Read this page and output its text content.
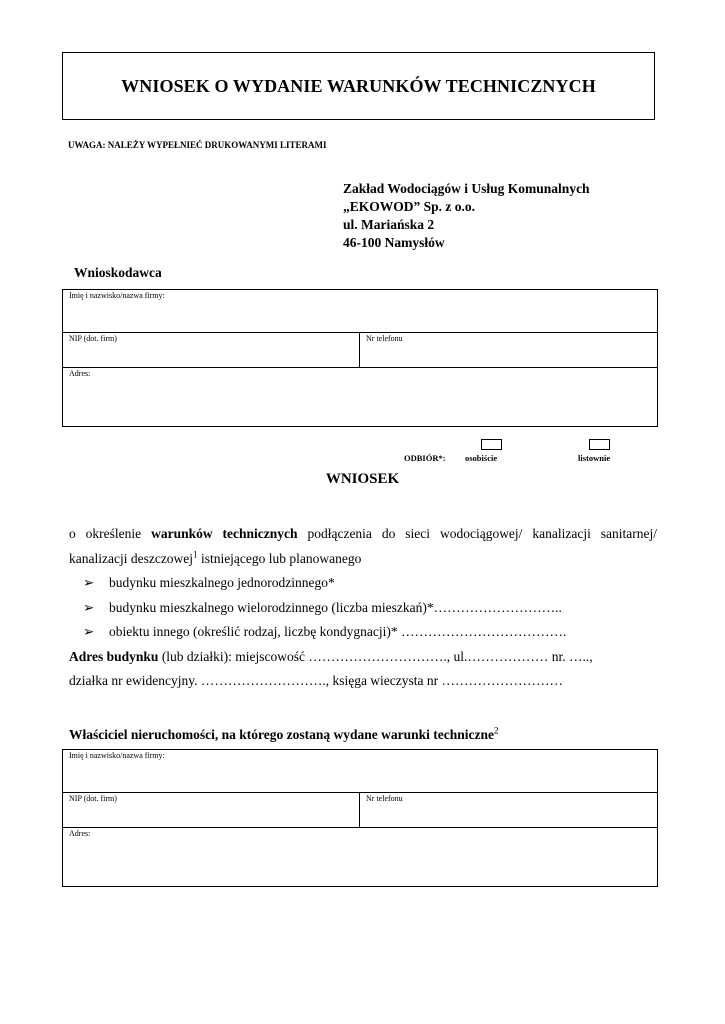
WNIOSEK O WYDANIE WARUNKÓW TECHNICZNYCH
UWAGA: NALEŻY WYPEŁNIEĆ DRUKOWANYMI LITERAMI
Zakład Wodociągów i Usług Komunalnych
„EKOWOD” Sp. z o.o.
ul. Mariańska 2
46-100 Namysłów
Wnioskodawca
Imię i nazwisko/nazwa firmy:
NIP (dot. firm)	Nr telefonu
Adres:
ODBIÓR*: osobiście	listownie
WNIOSEK

o określenie warunków technicznych podłączenia do sieci wodociągowej/ kanalizacji sanitarnej/

kanalizacji deszczowej$^1$ istniejącego lub planowanego

➢	budynku mieszkalnego jednorodzinnego*

➢	budynku mieszkalnego wielorodzinnego (liczba mieszkań)*………………………..

➢	obiektu innego (określić rodzaj, liczbę kondygnacji)* ……………………………….

Adres budynku (lub działki): miejscowość …………………………., ul.……………… nr. …..,

działka nr ewidencyjny. ………………………., księga wieczysta nr ………………………

Właściciel nieruchomości, na którego zostaną wydane warunki techniczne$^2$
Imię i nazwisko/nazwa firmy:
NIP (dot. firm)	Nr telefonu
Adres:
